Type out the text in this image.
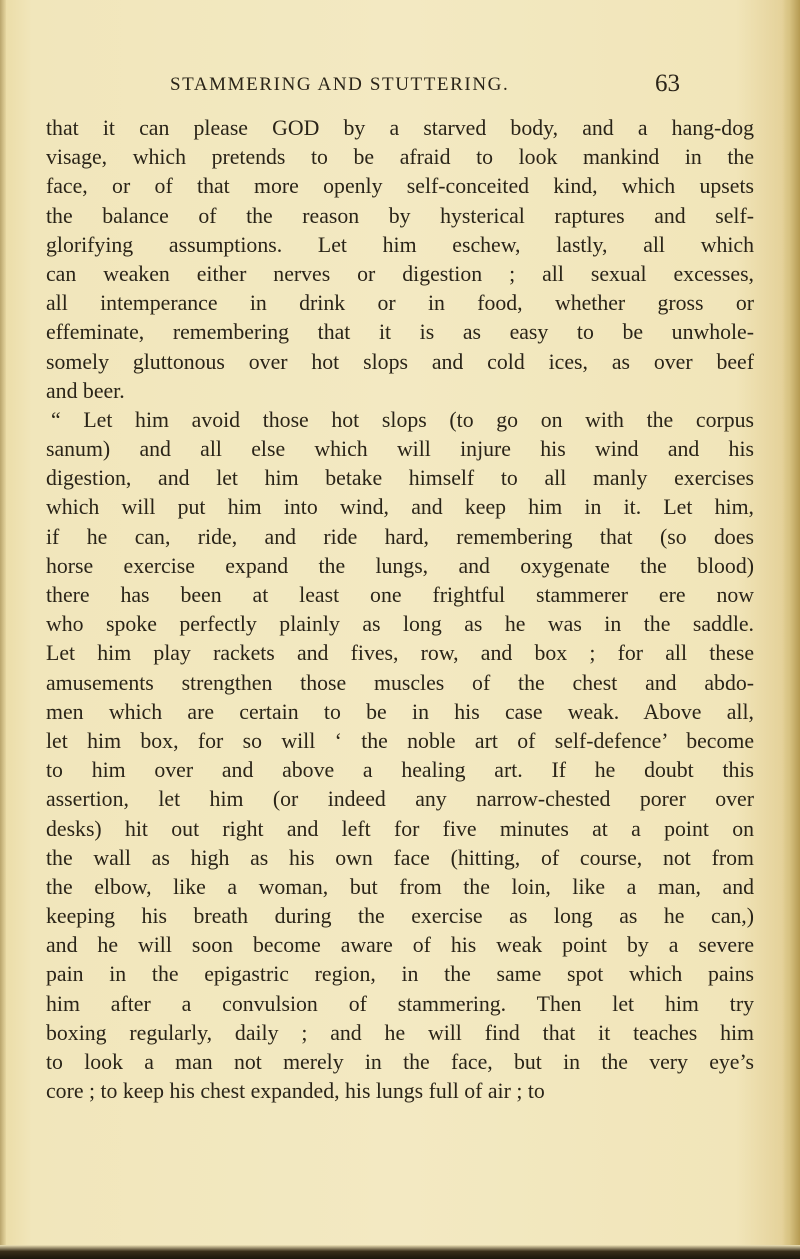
STAMMERING AND STUTTERING.	63
that it can please GOD by a starved body, and a hang-dog
visage, which pretends to be afraid to look mankind in the
face, or of that more openly self-conceited kind, which upsets
the balance of the reason by hysterical raptures and self-
glorifying assumptions. Let him eschew, lastly, all which
can weaken either nerves or digestion ; all sexual excesses,
all intemperance in drink or in food, whether gross or
effeminate, remembering that it is as easy to be unwhole-
somely gluttonous over hot slops and cold ices, as over beef
and beer.
“ Let him avoid those hot slops (to go on with the corpus
sanum) and all else which will injure his wind and his
digestion, and let him betake himself to all manly exercises
which will put him into wind, and keep him in it. Let him,
if he can, ride, and ride hard, remembering that (so does
horse exercise expand the lungs, and oxygenate the blood)
there has been at least one frightful stammerer ere now
who spoke perfectly plainly as long as he was in the saddle.
Let him play rackets and fives, row, and box ; for all these
amusements strengthen those muscles of the chest and abdo-
men which are certain to be in his case weak. Above all,
let him box, for so will ‘ the noble art of self-defence’ become
to him over and above a healing art. If he doubt this
assertion, let him (or indeed any narrow-chested porer over
desks) hit out right and left for five minutes at a point on
the wall as high as his own face (hitting, of course, not from
the elbow, like a woman, but from the loin, like a man, and
keeping his breath during the exercise as long as he can,)
and he will soon become aware of his weak point by a severe
pain in the epigastric region, in the same spot which pains
him after a convulsion of stammering. Then let him try
boxing regularly, daily ; and he will find that it teaches him
to look a man not merely in the face, but in the very eye’s
core ; to keep his chest expanded, his lungs full of air ; to
